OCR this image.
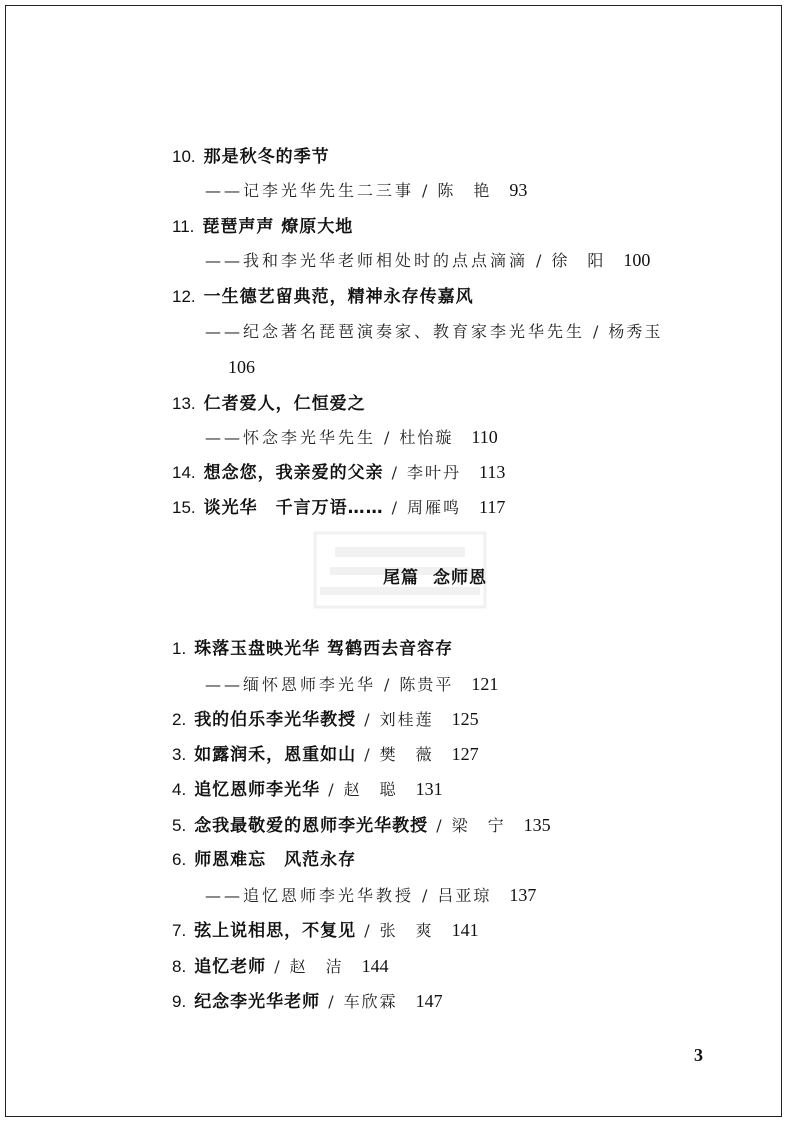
10. 那是秋冬的季节
——记李光华先生二三事 / 陈　艳 93
11. 琵琶声声 燎原大地
——我和李光华老师相处时的点点滴滴 / 徐　阳 100
12. 一生德艺留典范，精神永存传嘉风
——纪念著名琵琶演奏家、教育家李光华先生 / 杨秀玉
106
13. 仁者爱人，仁恒爱之
——怀念李光华先生 / 杜怡璇 110
14. 想念您，我亲爱的父亲 / 李叶丹 113
15. 谈光华　千言万语…… / 周雁鸣 117
尾篇 念师恩
1. 珠落玉盘映光华 驾鹤西去音容存
——缅怀恩师李光华 / 陈贵平 121
2. 我的伯乐李光华教授 / 刘桂莲 125
3. 如露润禾，恩重如山 / 樊　薇 127
4. 追忆恩师李光华 / 赵　聪 131
5. 念我最敬爱的恩师李光华教授 / 梁　宁 135
6. 师恩难忘　风范永存
——追忆恩师李光华教授 / 吕亚琼 137
7. 弦上说相思，不复见 / 张　爽 141
8. 追忆老师 / 赵　洁 144
9. 纪念李光华老师 / 车欣霖 147
3
